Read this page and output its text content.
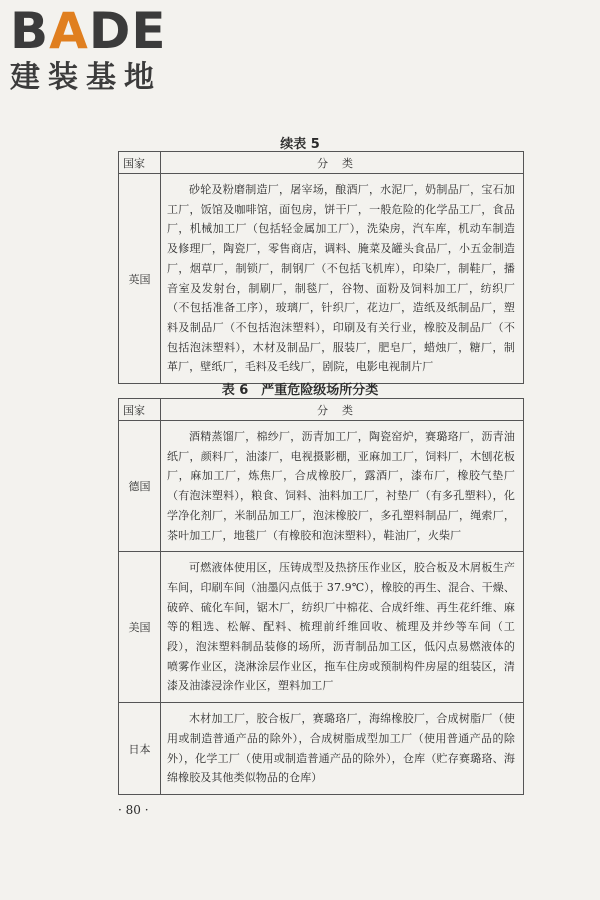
BADE
建装基地
续表 5
国家	分类
英国	砂轮及粉磨制造厂，屠宰场，酿酒厂，水泥厂，奶制品厂，宝石加工厂，饭馆及咖啡馆，面包房，饼干厂，一般危险的化学品工厂，食品厂，机械加工厂（包括轻金属加工厂），洗染房，汽车库，机动车制造及修理厂，陶瓷厂，零售商店，调料、腌菜及罐头食品厂，小五金制造厂，烟草厂，制锁厂，制钢厂（不包括飞机库），印染厂，制鞋厂，播音室及发射台，制刷厂，制毯厂，谷物、面粉及饲料加工厂，纺织厂（不包括准备工序），玻璃厂，针织厂，花边厂，造纸及纸制品厂，塑料及制品厂（不包括泡沫塑料），印刷及有关行业，橡胶及制品厂（不包括泡沫塑料），木材及制品厂，服装厂，肥皂厂，蜡烛厂，糖厂，制革厂，壁纸厂，毛料及毛线厂，剧院，电影电视制片厂
表 6　严重危险级场所分类
国家	分类
德国	酒精蒸馏厂，棉纱厂，沥青加工厂，陶瓷窑炉，赛璐珞厂，沥青油纸厂，颜料厂，油漆厂，电视摄影棚，亚麻加工厂，饲料厂，木刨花板厂，麻加工厂，炼焦厂，合成橡胶厂，露酒厂，漆布厂，橡胶气垫厂（有泡沫塑料），粮食、饲料、油料加工厂，衬垫厂（有多孔塑料），化学净化剂厂，米制品加工厂，泡沫橡胶厂，多孔塑料制品厂，绳索厂，茶叶加工厂，地毯厂（有橡胶和泡沫塑料），鞋油厂，火柴厂
美国	可燃液体使用区，压铸成型及热挤压作业区，胶合板及木屑板生产车间，印刷车间（油墨闪点低于 37.9℃），橡胶的再生、混合、干燥、破碎、硫化车间，锯木厂，纺织厂中棉花、合成纤维、再生花纤维、麻等的粗选、松解、配料、梳理前纤维回收、梳理及并纱等车间（工段），泡沫塑料制品装修的场所，沥青制品加工区，低闪点易燃液体的喷雾作业区，浇淋涂层作业区，拖车住房或预制构件房屋的组装区，清漆及油漆浸涂作业区，塑料加工厂
日本	木材加工厂，胶合板厂，赛璐珞厂，海绵橡胶厂，合成树脂厂（使用或制造普通产品的除外），合成树脂成型加工厂（使用普通产品的除外），化学工厂（使用或制造普通产品的除外），仓库（贮存赛璐珞、海绵橡胶及其他类似物品的仓库）
· 80 ·
